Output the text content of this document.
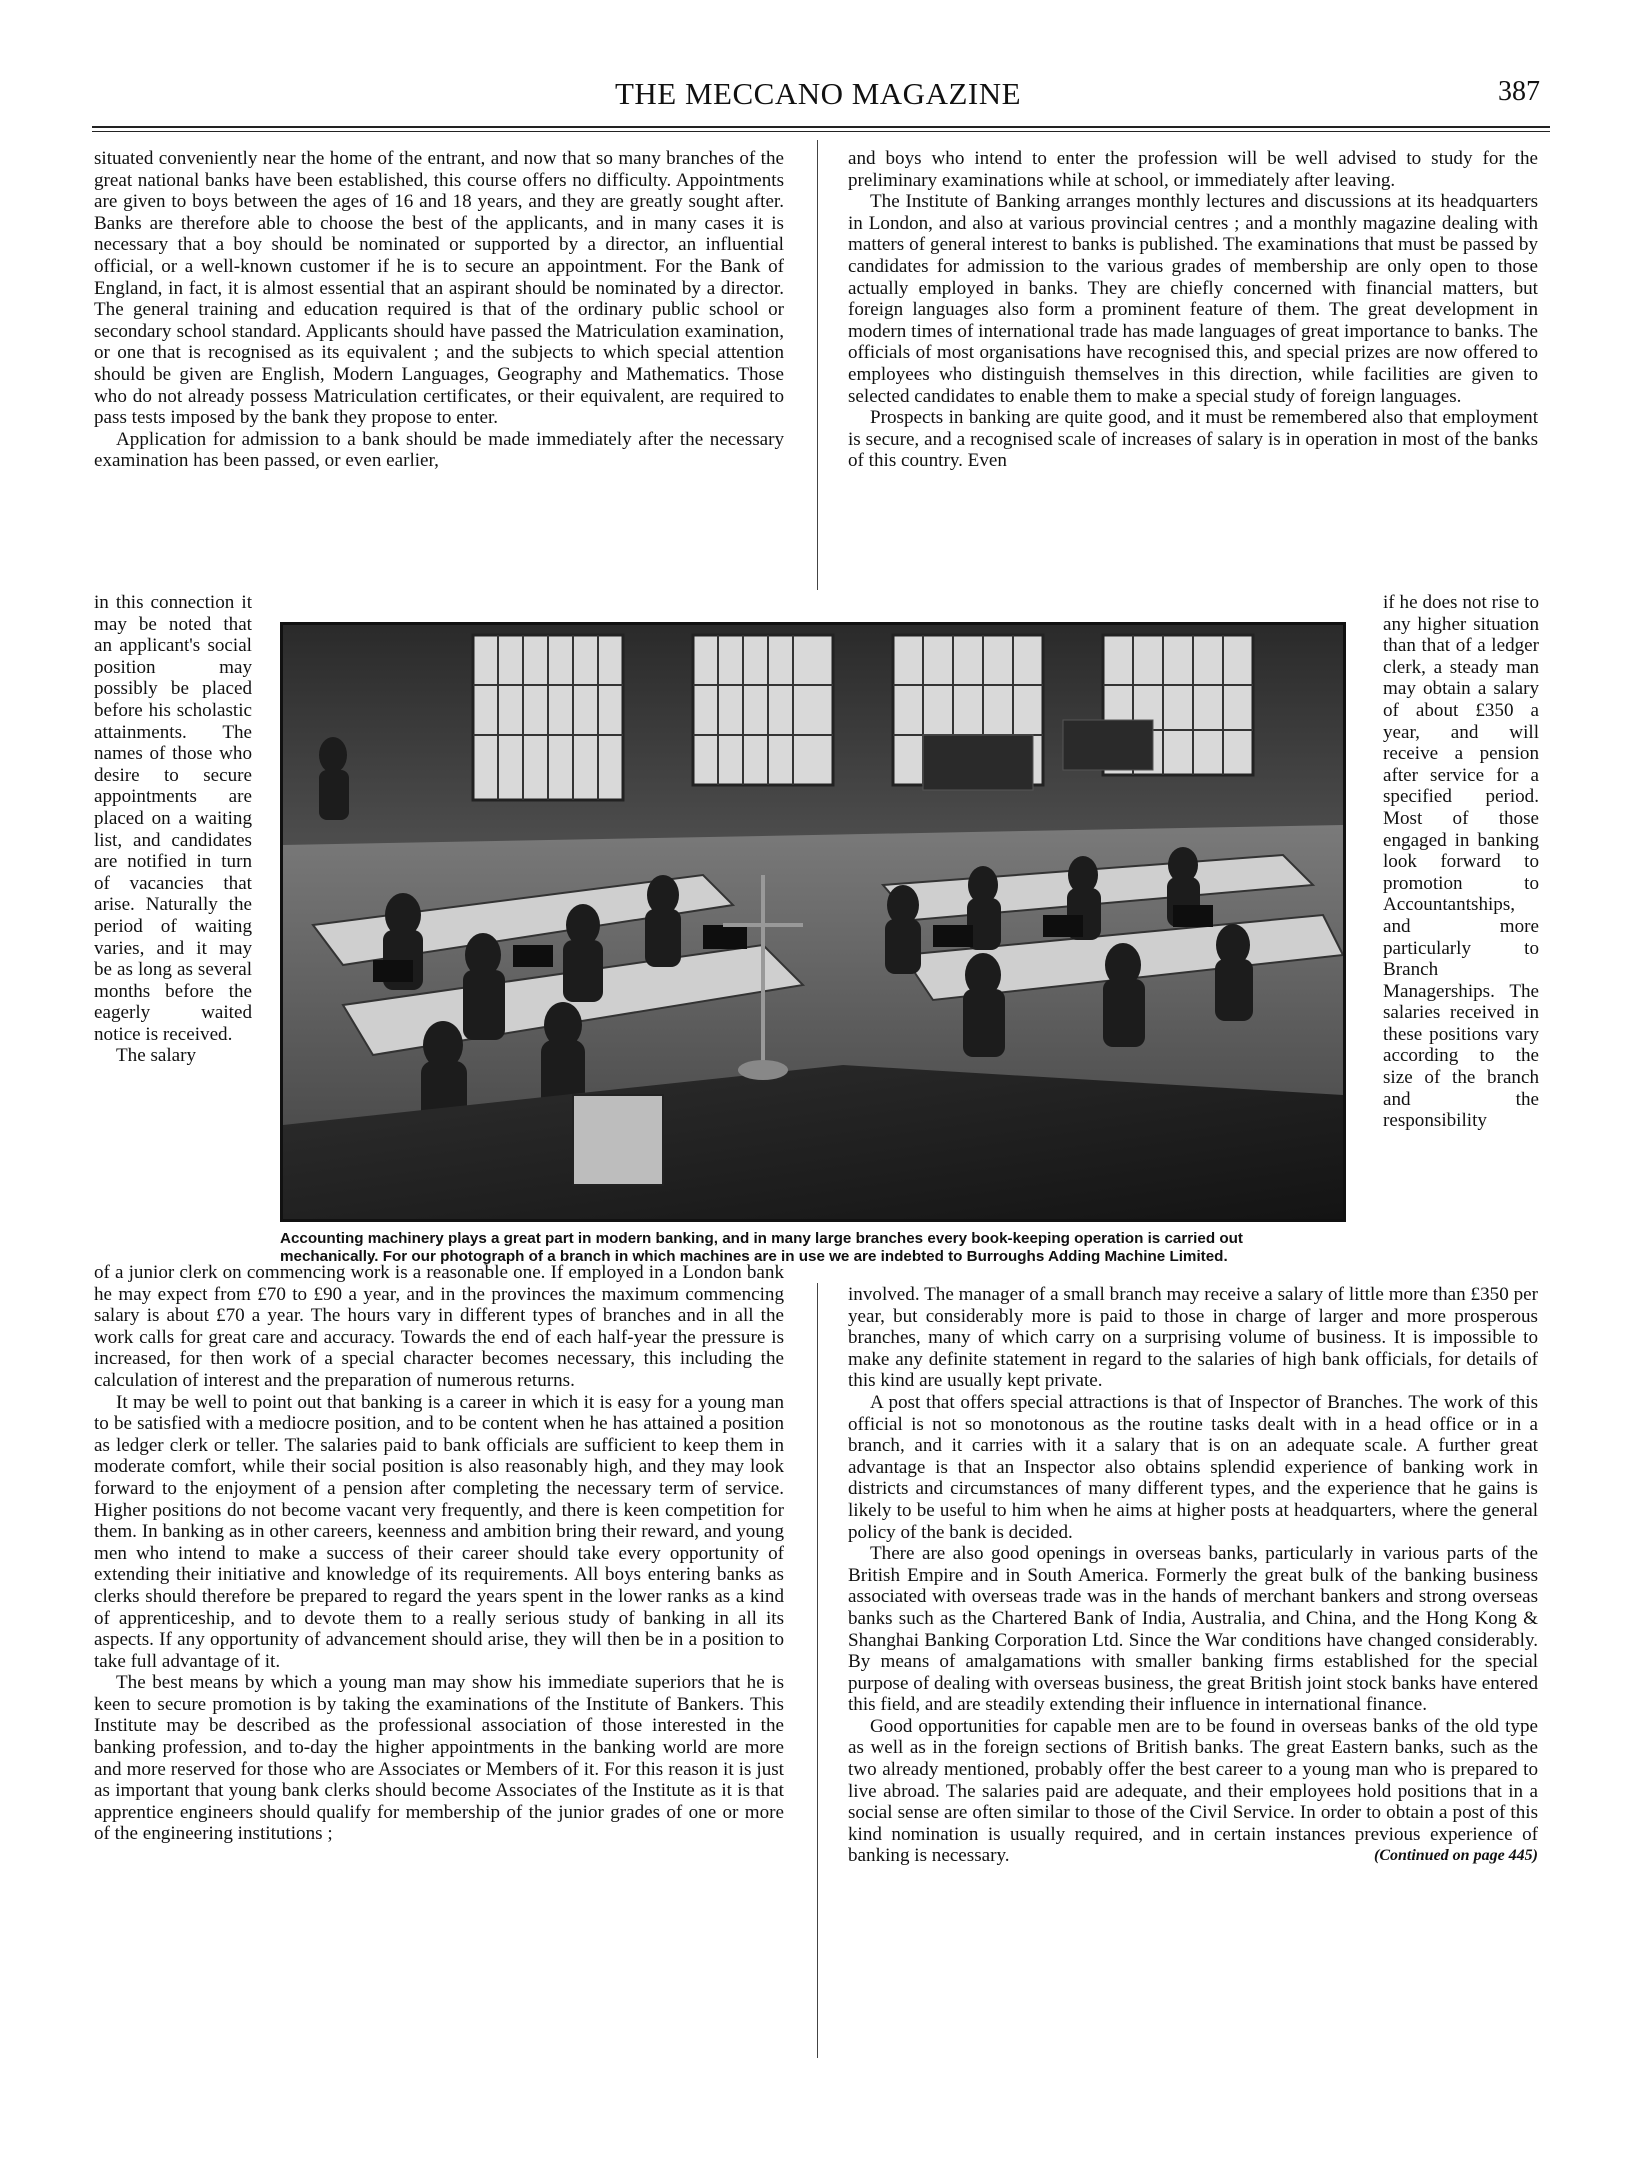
THE MECCANO MAGAZINE	387

situated conveniently near the home of the entrant, and now that so many branches of the great national banks have been established, this course offers no difficulty. Appointments are given to boys between the ages of 16 and 18 years, and they are greatly sought after. Banks are therefore able to choose the best of the applicants, and in many cases it is necessary that a boy should be nominated or supported by a director, an influential official, or a well-known customer if he is to secure an appointment. For the Bank of England, in fact, it is almost essential that an aspirant should be nominated by a director. The general training and education required is that of the ordinary public school or secondary school standard. Applicants should have passed the Matriculation examination, or one that is recognised as its equivalent ; and the subjects to which special attention should be given are English, Modern Languages, Geography and Mathematics. Those who do not already possess Matriculation certificates, or their equivalent, are required to pass tests imposed by the bank they propose to enter.

Application for admission to a bank should be made immediately after the necessary examination has been passed, or even earlier,

and boys who intend to enter the profession will be well advised to study for the preliminary examinations while at school, or immediately after leaving.

The Institute of Banking arranges monthly lectures and discussions at its headquarters in London, and also at various provincial centres ; and a monthly magazine dealing with matters of general interest to banks is published. The examinations that must be passed by candidates for admission to the various grades of membership are only open to those actually employed in banks. They are chiefly concerned with financial matters, but foreign languages also form a prominent feature of them. The great development in modern times of international trade has made languages of great importance to banks. The officials of most organisations have recognised this, and special prizes are now offered to employees who distinguish themselves in this direction, while facilities are given to selected candidates to enable them to make a special study of foreign languages.

Prospects in banking are quite good, and it must be remembered also that employment is secure, and a recognised scale of increases of salary is in operation in most of the banks of this country. Even

in this connection it may be noted that an applicant's social position may possibly be placed before his scholastic attainments. The names of those who desire to secure appointments are placed on a waiting list, and candidates are notified in turn of vacancies that arise. Naturally the period of waiting varies, and it may be as long as several months before the eagerly waited notice is received.

The salary

if he does not rise to any higher situation than that of a ledger clerk, a steady man may obtain a salary of about £350 a year, and will receive a pension after service for a specified period. Most of those engaged in banking look forward to promotion to Accountantships, and more particularly to Branch Managerships. The salaries received in these positions vary according to the size of the branch and the responsibility

Accounting machinery plays a great part in modern banking, and in many large branches every book-keeping operation is carried out
mechanically. For our photograph of a branch in which machines are in use we are indebted to Burroughs Adding Machine Limited.

of a junior clerk on commencing work is a reasonable one. If employed in a London bank he may expect from £70 to £90 a year, and in the provinces the maximum commencing salary is about £70 a year. The hours vary in different types of branches and in all the work calls for great care and accuracy. Towards the end of each half-year the pressure is increased, for then work of a special character becomes necessary, this including the calculation of interest and the preparation of numerous returns.

It may be well to point out that banking is a career in which it is easy for a young man to be satisfied with a mediocre position, and to be content when he has attained a position as ledger clerk or teller. The salaries paid to bank officials are sufficient to keep them in moderate comfort, while their social position is also reasonably high, and they may look forward to the enjoyment of a pension after completing the necessary term of service. Higher positions do not become vacant very frequently, and there is keen competition for them. In banking as in other careers, keenness and ambition bring their reward, and young men who intend to make a success of their career should take every opportunity of extending their initiative and knowledge of its requirements. All boys entering banks as clerks should therefore be prepared to regard the years spent in the lower ranks as a kind of apprenticeship, and to devote them to a really serious study of banking in all its aspects. If any opportunity of advancement should arise, they will then be in a position to take full advantage of it.

The best means by which a young man may show his immediate superiors that he is keen to secure promotion is by taking the examinations of the Institute of Bankers. This Institute may be described as the professional association of those interested in the banking profession, and to-day the higher appointments in the banking world are more and more reserved for those who are Associates or Members of it. For this reason it is just as important that young bank clerks should become Associates of the Institute as it is that apprentice engineers should qualify for membership of the junior grades of one or more of the engineering institutions ;

involved. The manager of a small branch may receive a salary of little more than £350 per year, but considerably more is paid to those in charge of larger and more prosperous branches, many of which carry on a surprising volume of business. It is impossible to make any definite statement in regard to the salaries of high bank officials, for details of this kind are usually kept private.

A post that offers special attractions is that of Inspector of Branches. The work of this official is not so monotonous as the routine tasks dealt with in a head office or in a branch, and it carries with it a salary that is on an adequate scale. A further great advantage is that an Inspector also obtains splendid experience of banking work in districts and circumstances of many different types, and the experience that he gains is likely to be useful to him when he aims at higher posts at headquarters, where the general policy of the bank is decided.

There are also good openings in overseas banks, particularly in various parts of the British Empire and in South America. Formerly the great bulk of the banking business associated with overseas trade was in the hands of merchant bankers and strong overseas banks such as the Chartered Bank of India, Australia, and China, and the Hong Kong & Shanghai Banking Corporation Ltd. Since the War conditions have changed considerably. By means of amalgamations with smaller banking firms established for the special purpose of dealing with overseas business, the great British joint stock banks have entered this field, and are steadily extending their influence in international finance.

Good opportunities for capable men are to be found in overseas banks of the old type as well as in the foreign sections of British banks. The great Eastern banks, such as the two already mentioned, probably offer the best career to a young man who is prepared to live abroad. The salaries paid are adequate, and their employees hold positions that in a social sense are often similar to those of the Civil Service. In order to obtain a post of this kind nomination is usually required, and in certain instances previous experience of banking is necessary.	(Continued on page 445)
